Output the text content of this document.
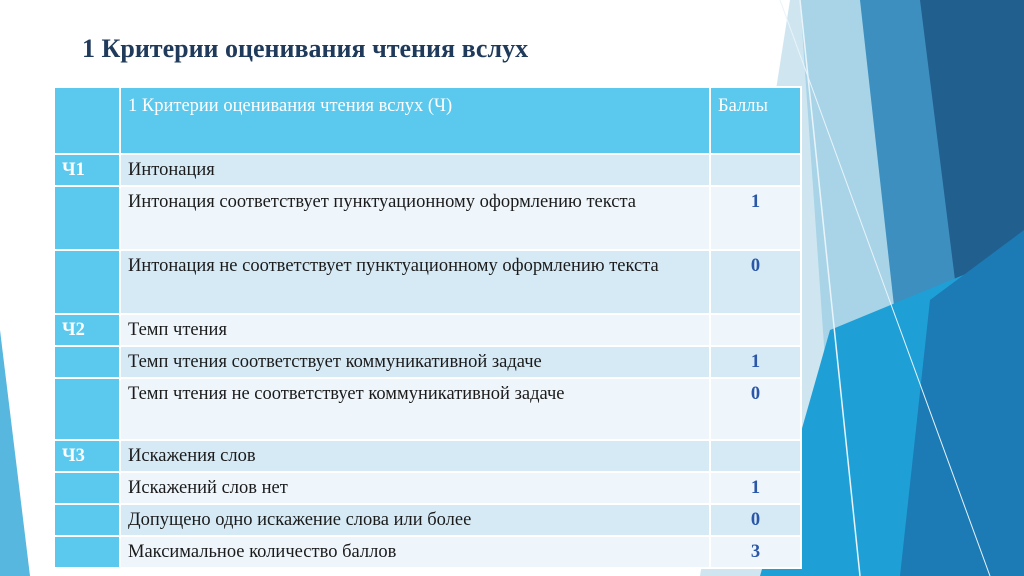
1 Критерии оценивания чтения вслух
	1 Критерии оценивания чтения вслух (Ч)	Баллы
Ч1	Интонация	
	Интонация соответствует пунктуационному оформлению текста	1
	Интонация не соответствует пунктуационному оформлению текста	0
Ч2	Темп чтения	
	Темп чтения соответствует коммуникативной задаче	1
	Темп чтения не соответствует коммуникативной задаче	0
Ч3	Искажения слов	
	Искажений слов нет	1
	Допущено одно искажение слова или более	0
	Максимальное количество баллов	3
